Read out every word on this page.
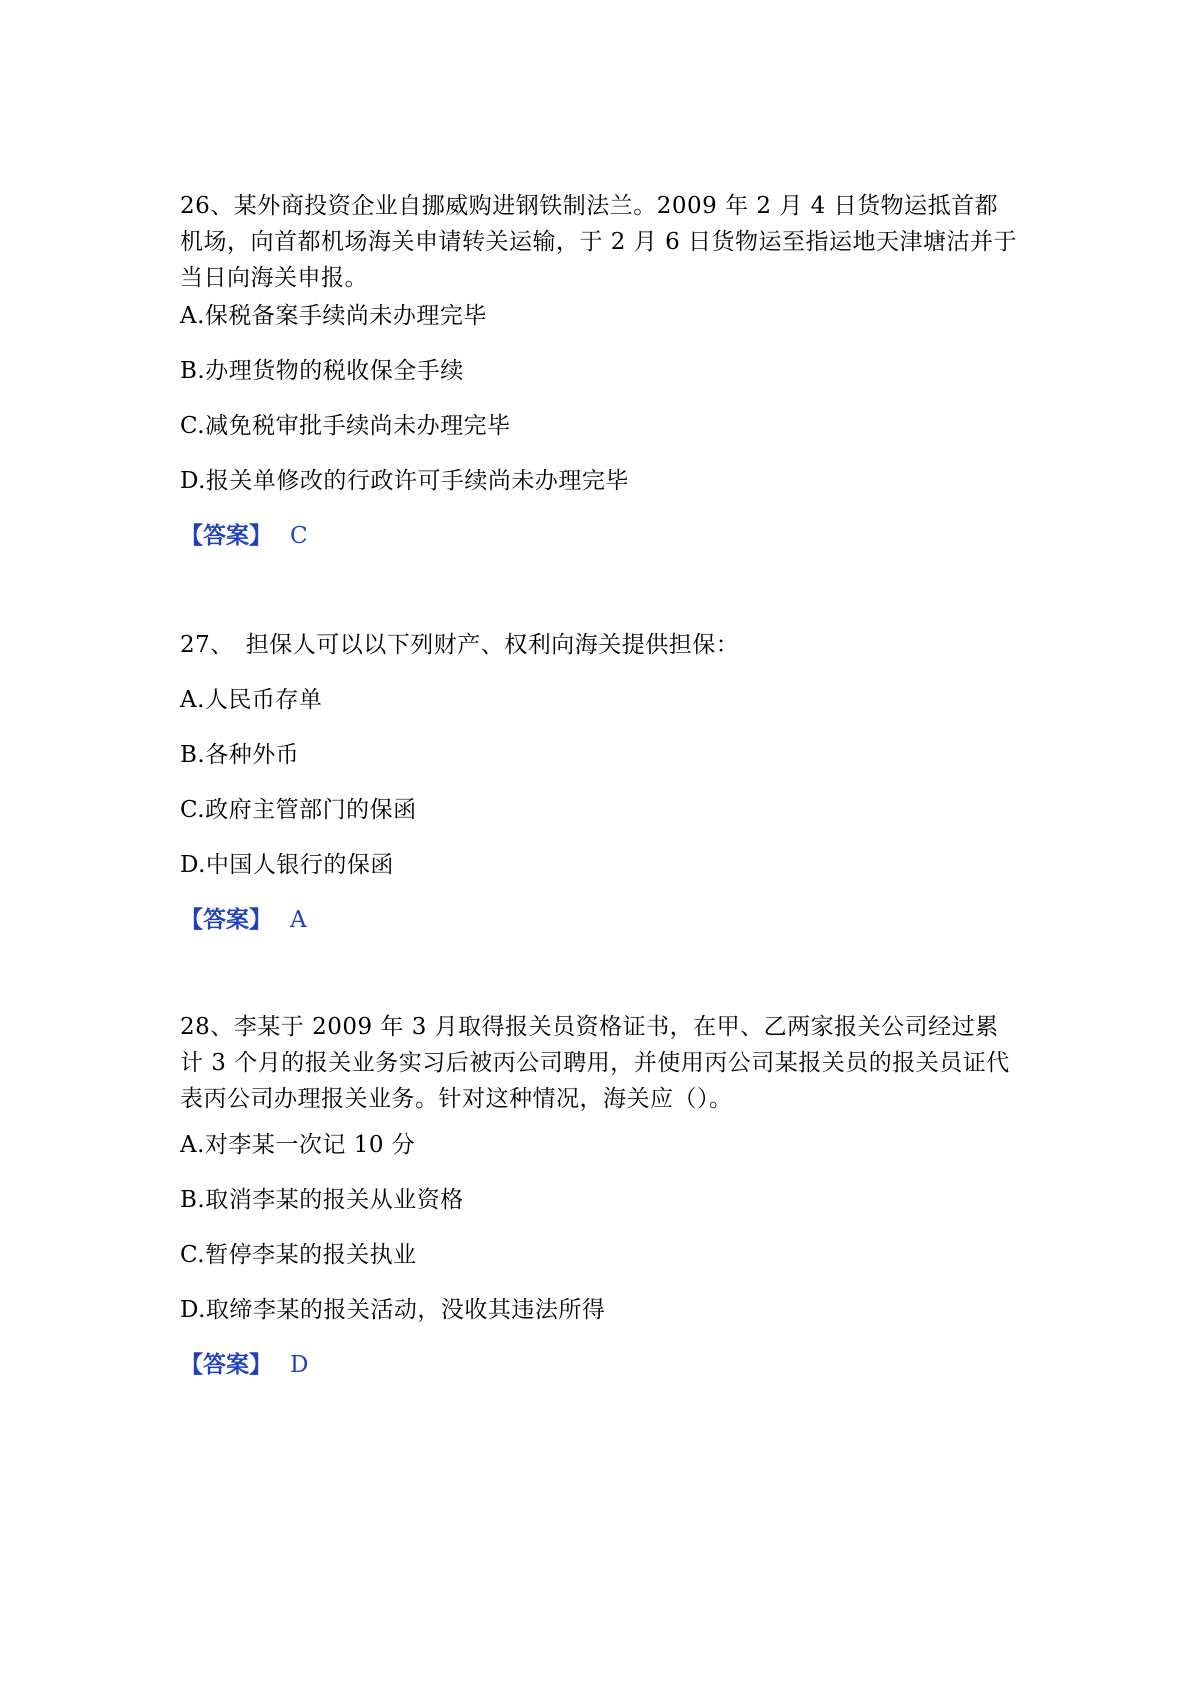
26、某外商投资企业自挪威购进钢铁制法兰。2009 年 2 月 4 日货物运抵首都机场，向首都机场海关申请转关运输，于 2 月 6 日货物运至指运地天津塘沽并于当日向海关申报。

A.保税备案手续尚未办理完毕

B.办理货物的税收保全手续

C.减免税审批手续尚未办理完毕

D.报关单修改的行政许可手续尚未办理完毕

【答案】 C

27、　担保人可以以下列财产、权利向海关提供担保：

A.人民币存单

B.各种外币

C.政府主管部门的保函

D.中国人银行的保函

【答案】 A

28、李某于 2009 年 3 月取得报关员资格证书，在甲、乙两家报关公司经过累计 3 个月的报关业务实习后被丙公司聘用，并使用丙公司某报关员的报关员证代表丙公司办理报关业务。针对这种情况，海关应（）。

A.对李某一次记 10 分

B.取消李某的报关从业资格

C.暂停李某的报关执业

D.取缔李某的报关活动，没收其违法所得

【答案】 D
